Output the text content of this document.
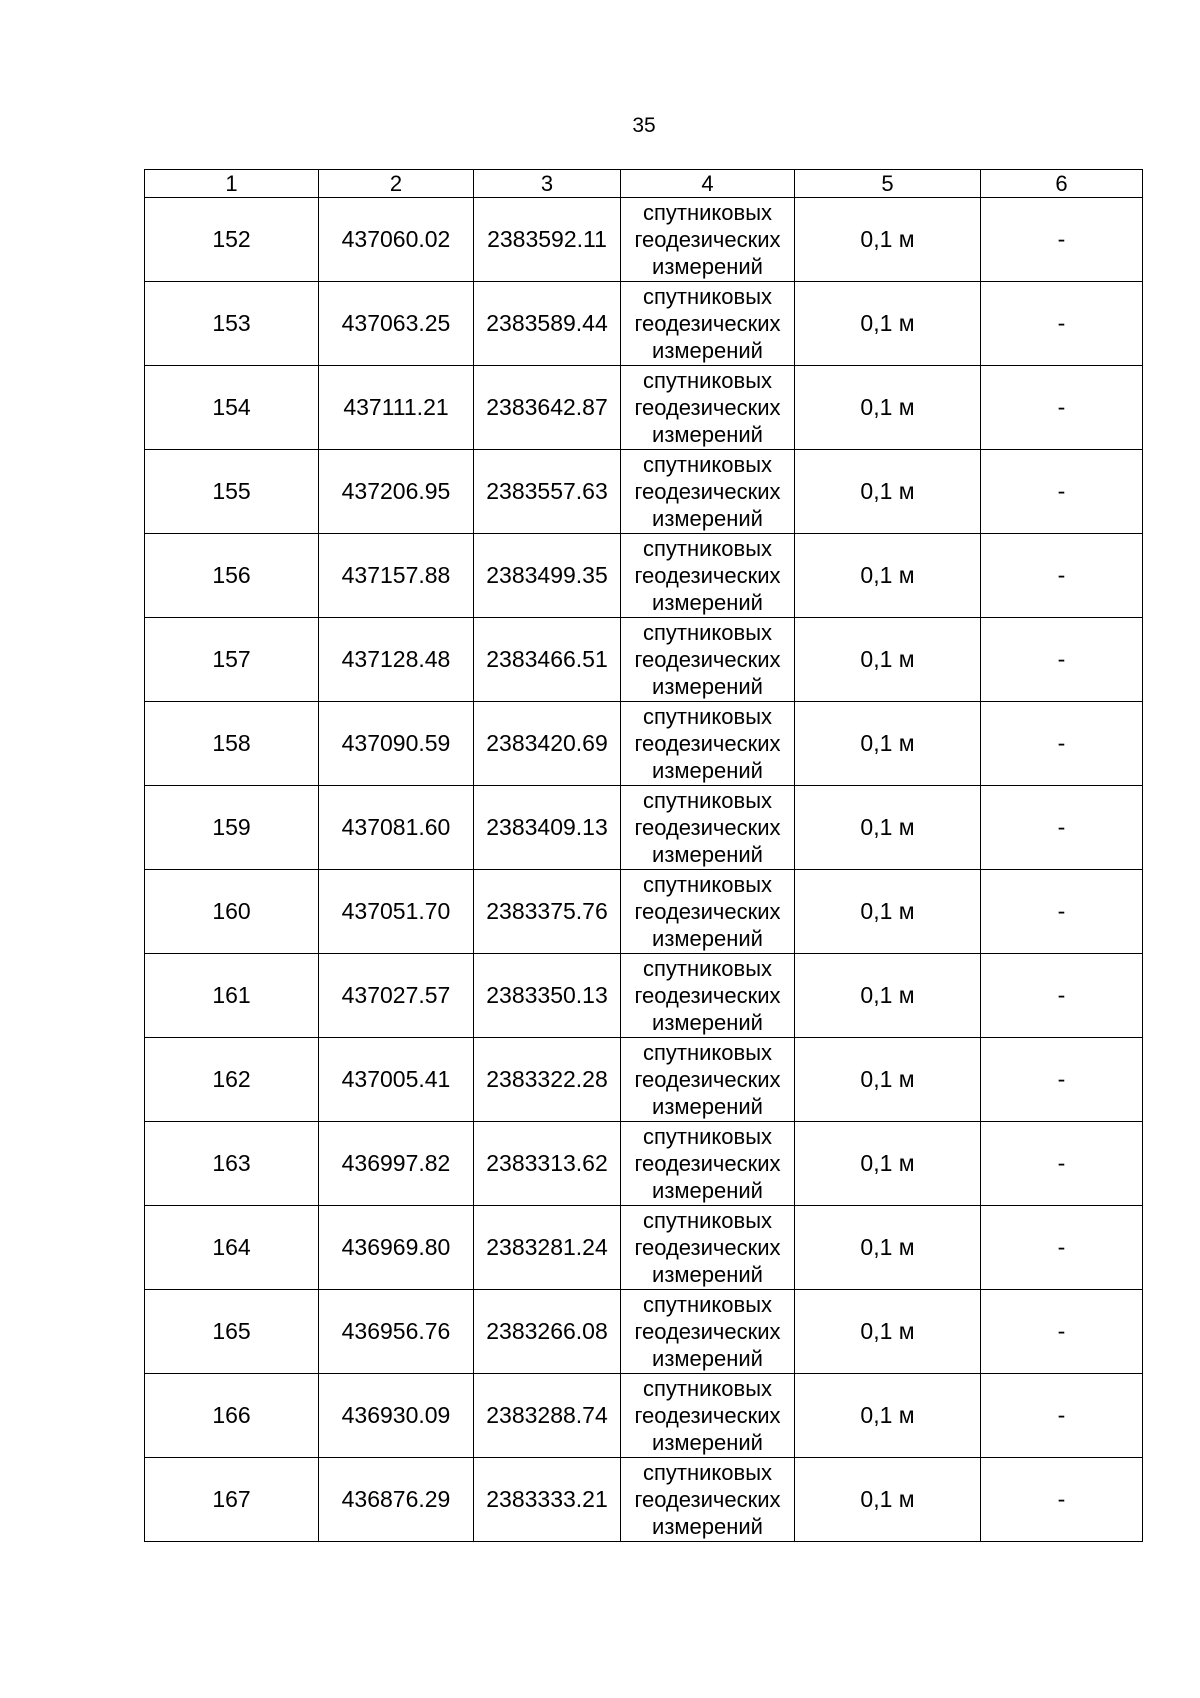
35
1	2	3	4	5	6
152	437060.02	2383592.11	спутниковых
геодезических
измерений	0,1 м	-
153	437063.25	2383589.44	спутниковых
геодезических
измерений	0,1 м	-
154	437111.21	2383642.87	спутниковых
геодезических
измерений	0,1 м	-
155	437206.95	2383557.63	спутниковых
геодезических
измерений	0,1 м	-
156	437157.88	2383499.35	спутниковых
геодезических
измерений	0,1 м	-
157	437128.48	2383466.51	спутниковых
геодезических
измерений	0,1 м	-
158	437090.59	2383420.69	спутниковых
геодезических
измерений	0,1 м	-
159	437081.60	2383409.13	спутниковых
геодезических
измерений	0,1 м	-
160	437051.70	2383375.76	спутниковых
геодезических
измерений	0,1 м	-
161	437027.57	2383350.13	спутниковых
геодезических
измерений	0,1 м	-
162	437005.41	2383322.28	спутниковых
геодезических
измерений	0,1 м	-
163	436997.82	2383313.62	спутниковых
геодезических
измерений	0,1 м	-
164	436969.80	2383281.24	спутниковых
геодезических
измерений	0,1 м	-
165	436956.76	2383266.08	спутниковых
геодезических
измерений	0,1 м	-
166	436930.09	2383288.74	спутниковых
геодезических
измерений	0,1 м	-
167	436876.29	2383333.21	спутниковых
геодезических
измерений	0,1 м	-
